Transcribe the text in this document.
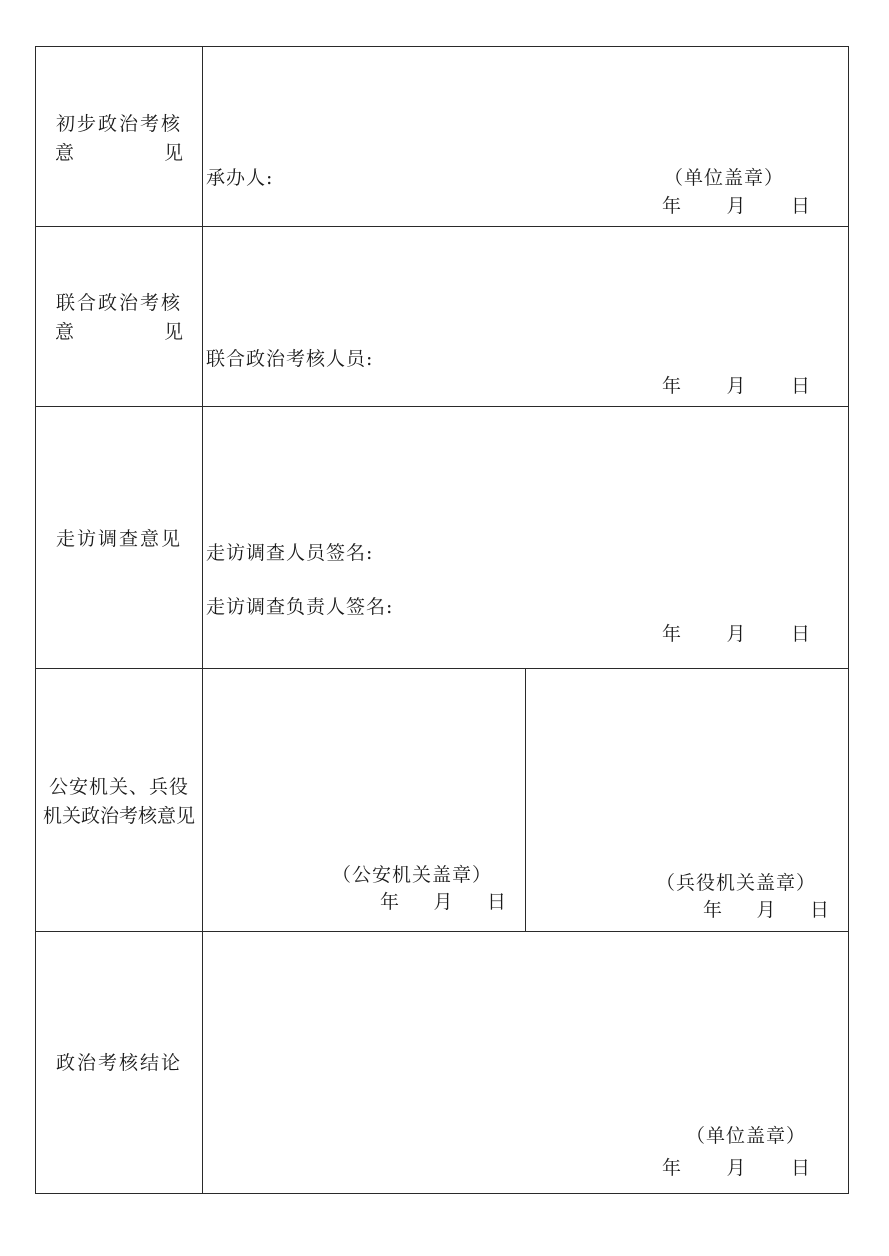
初步政治考核
意	见
承办人:	（单位盖章）
年 月 日
联合政治考核
意	见
联合政治考核人员:
年 月 日
走访调查意见
走访调查人员签名:
走访调查负责人签名:
年 月 日
公安机关、兵役
机关政治考核意见
（公安机关盖章）
年 月 日
（兵役机关盖章）
年 月 日
政治考核结论
（单位盖章）
年 月 日
